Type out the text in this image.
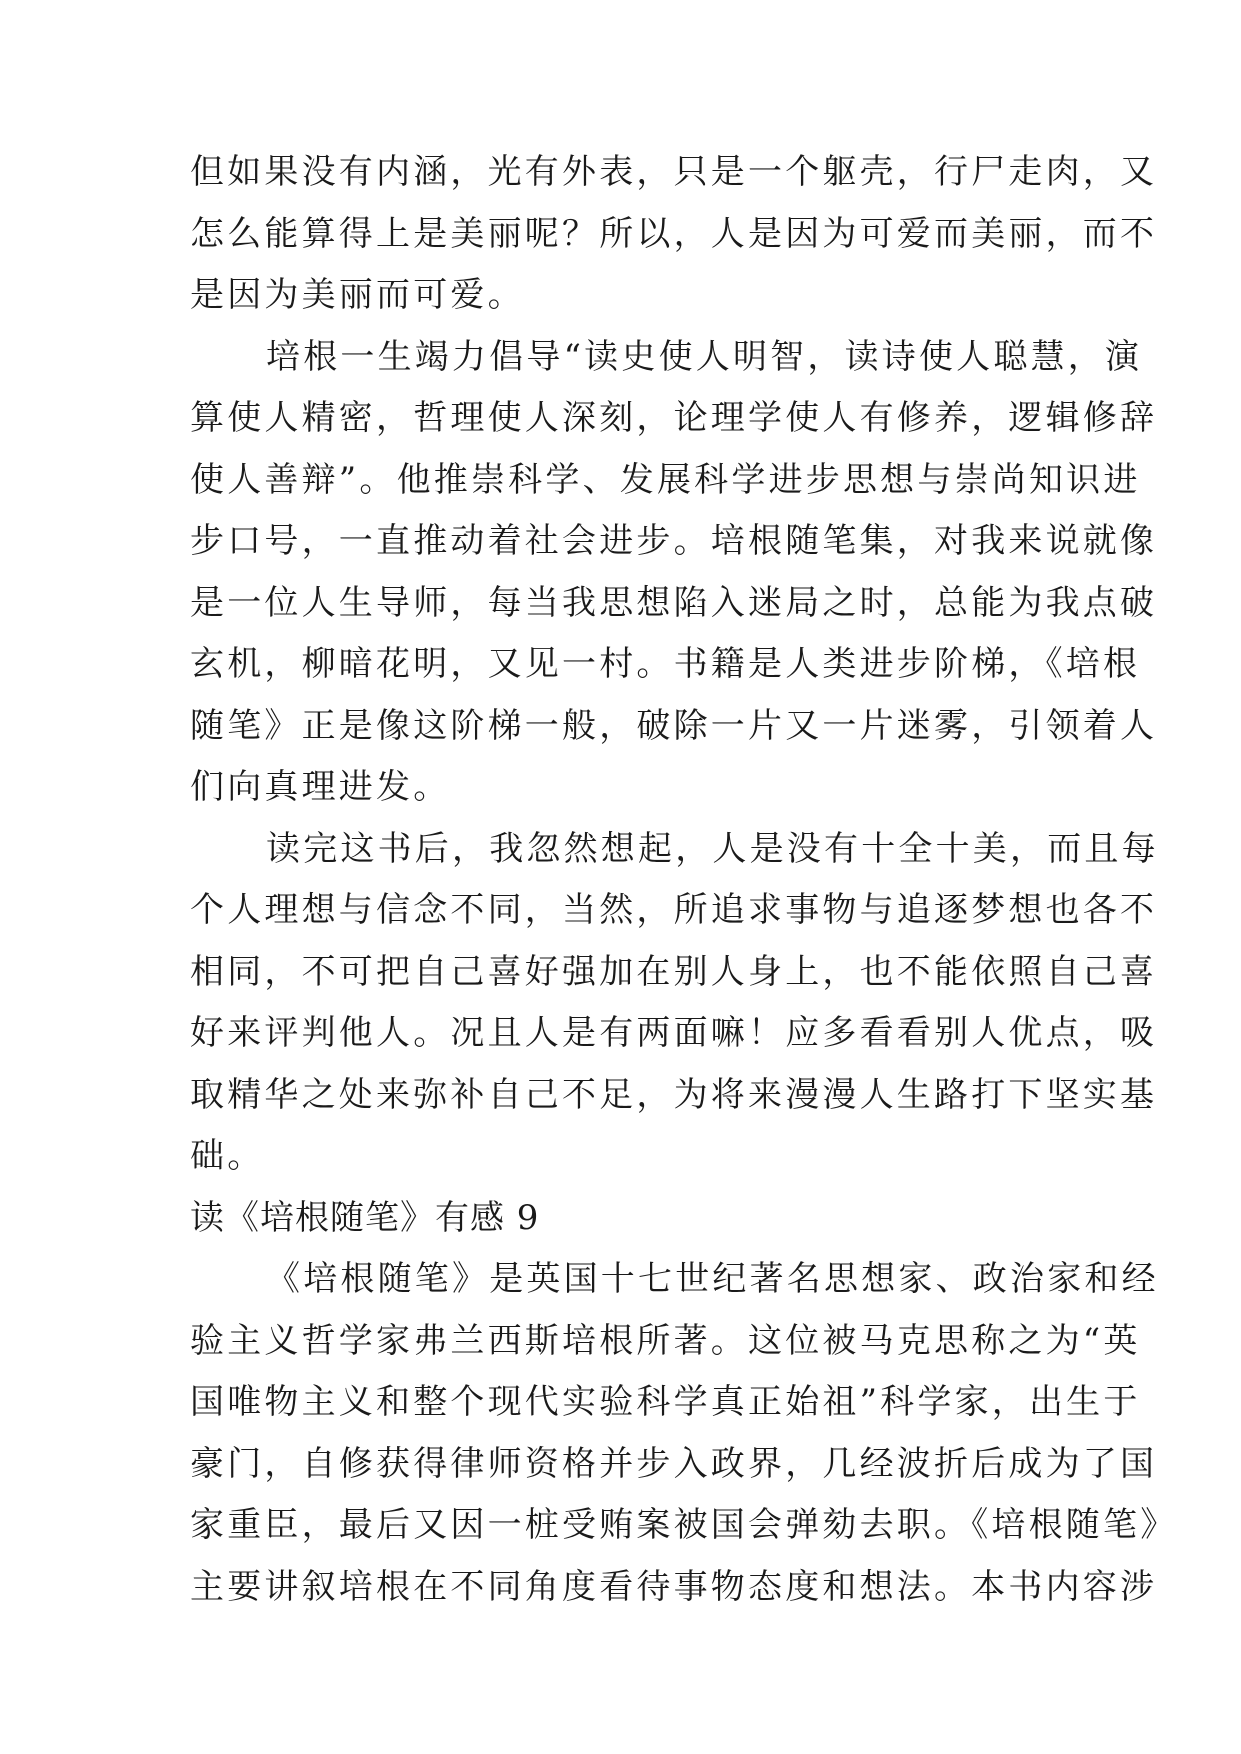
但如果没有内涵，光有外表，只是一个躯壳，行尸走肉，又
怎么能算得上是美丽呢？所以，人是因为可爱而美丽，而不
是因为美丽而可爱。
培根一生竭力倡导“读史使人明智，读诗使人聪慧，演
算使人精密，哲理使人深刻，论理学使人有修养，逻辑修辞
使人善辩”。他推崇科学、发展科学进步思想与崇尚知识进
步口号，一直推动着社会进步。培根随笔集，对我来说就像
是一位人生导师，每当我思想陷入迷局之时，总能为我点破
玄机，柳暗花明，又见一村。书籍是人类进步阶梯，《培根
随笔》正是像这阶梯一般，破除一片又一片迷雾，引领着人
们向真理进发。
读完这书后，我忽然想起，人是没有十全十美，而且每
个人理想与信念不同，当然，所追求事物与追逐梦想也各不
相同，不可把自己喜好强加在别人身上，也不能依照自己喜
好来评判他人。况且人是有两面嘛！应多看看别人优点，吸
取精华之处来弥补自己不足，为将来漫漫人生路打下坚实基
础。
读《培根随笔》有感 9
《培根随笔》是英国十七世纪著名思想家、政治家和经
验主义哲学家弗兰西斯培根所著。这位被马克思称之为“英
国唯物主义和整个现代实验科学真正始祖”科学家，出生于
豪门，自修获得律师资格并步入政界，几经波折后成为了国
家重臣，最后又因一桩受贿案被国会弹劾去职。《培根随笔》
主要讲叙培根在不同角度看待事物态度和想法。本书内容涉
